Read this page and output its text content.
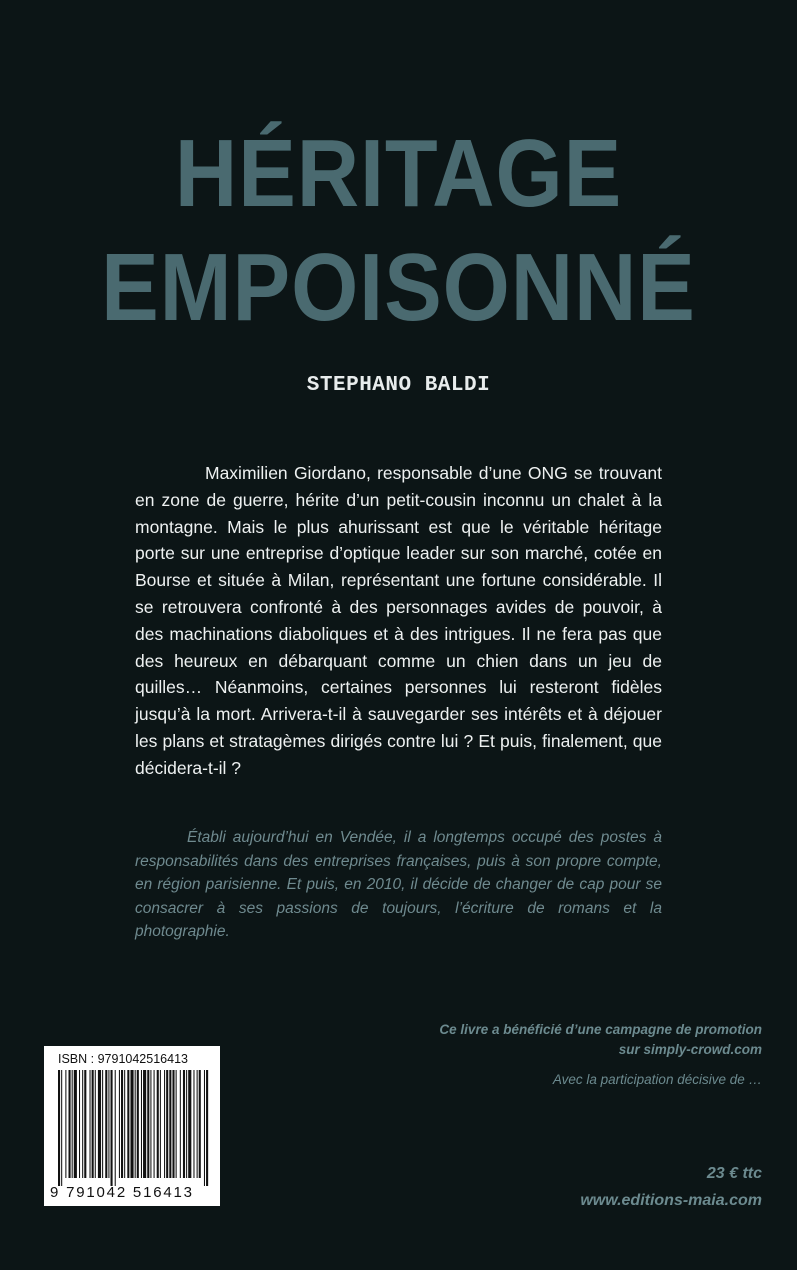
HÉRITAGE
EMPOISONNÉ
STEPHANO BALDI

Maximilien Giordano, responsable d’une ONG se trouvant en zone de guerre, hérite d’un petit-cousin inconnu un chalet à la montagne. Mais le plus ahurissant est que le véritable héritage porte sur une entreprise d’optique leader sur son marché, cotée en Bourse et située à Milan, représentant une fortune considérable. Il se retrouvera confronté à des personnages avides de pouvoir, à des machinations diaboliques et à des intrigues. Il ne fera pas que des heureux en débarquant comme un chien dans un jeu de quilles… Néanmoins, certaines personnes lui resteront fidèles jusqu’à la mort. Arrivera-t-il à sauvegarder ses intérêts et à déjouer les plans et stratagèmes dirigés contre lui ? Et puis, finalement, que décidera-t-il ?

Établi aujourd’hui en Vendée, il a longtemps occupé des postes à responsabilités dans des entreprises françaises, puis à son propre compte, en région parisienne. Et puis, en 2010, il décide de changer de cap pour se consacrer à ses passions de toujours, l’écriture de romans et la photographie.

Ce livre a bénéficié d’une campagne de promotion
sur simply-crowd.com
Avec la participation décisive de …
23 € ttc
www.editions-maia.com
ISBN : 9791042516413
9 791042 516413
